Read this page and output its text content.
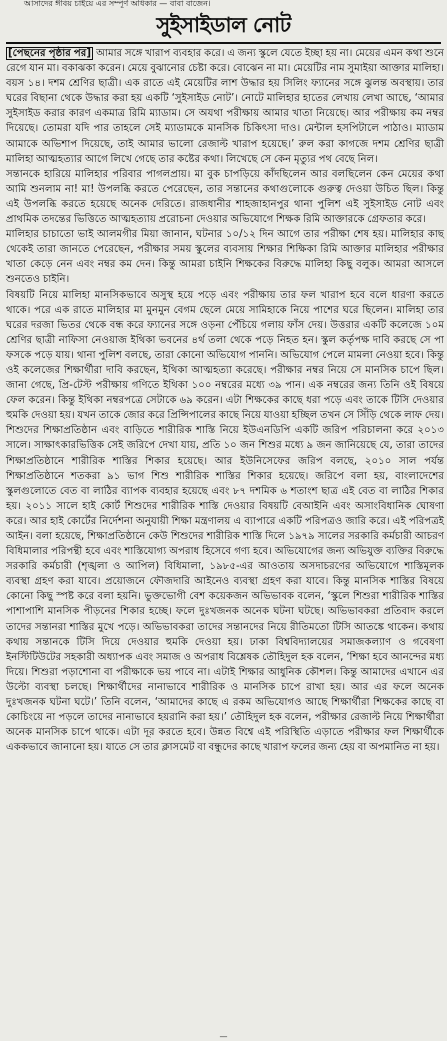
আসাদের ঈবিয় চাইয়ে এর সম্পূর্ণ অধিকার — বাবা বাজেন।
সুইসাইডাল নোট

[পেছনের পৃষ্ঠার পর] আমার সঙ্গে খারাপ ব্যবহার করে। এ জন্য স্কুলে যেতে ইচ্ছা হয় না। মেয়ের এমন কথা শুনে রেগে যান মা। বকাঝকা করেন। মেয়ে বুঝানোর চেষ্টা করে। বোঝেন না মা। মেয়েটির নাম সুমাইয়া আক্তার মালিহা। বয়স ১৪। দশম শ্রেণির ছাত্রী। এক রাতে এই মেয়েটির লাশ উদ্ধার হয় সিলিং ফ্যানের সঙ্গে ঝুলন্ত অবস্থায়। তার ঘরের বিছানা থেকে উদ্ধার করা হয় একটি ‘সুইসাইড নোট’। নোটে মালিহার হাতের লেখায় লেখা আছে, ‘আমার সুইসাইড করার কারণ একমাত্র রিমি ম্যাডাম। সে অযথা পরীক্ষায় আমার খাতা নিয়েছে। আর পরীক্ষায় কম নম্বর দিয়েছে। তোমরা যদি পার তাহলে সেই ম্যাডামকে মানসিক চিকিৎসা দাও। মেন্টাল হসপিটালে পাঠাও। ম্যাডাম আমাকে অভিশাপ দিয়েছে, তাই আমার ভালো রেজাল্ট খারাপ হয়েছে।’ রুল করা কাগজে দশম শ্রেণির ছাত্রী মালিহা আত্মহত্যার আগে লিখে গেছে তার কষ্টের কথা। লিখেছে সে কেন মৃত্যুর পথ বেছে নিল।

সন্তানকে হারিয়ে মালিহার পরিবার পাগলপ্রায়। মা বুক চাপড়িয়ে কাঁদছিলেন আর বলছিলেন কেন মেয়ের কথা আমি শুনলাম না! মা! উপলব্ধি করতে পেরেছেন, তার সন্তানের কথাগুলোকে গুরুত্ব দেওয়া উচিত ছিল। কিন্তু এই উপলব্ধি করতে হয়েছে অনেক দেরিতে। রাজধানীর শাহজাহানপুর থানা পুলিশ এই সুইসাইড নোট এবং প্রাথমিক তদন্তের ভিত্তিতে আত্মহত্যায় প্ররোচনা দেওয়ার অভিযোগে শিক্ষক রিমি আক্তারকে গ্রেফতার করে।

মালিহার চাচাতো ভাই আলমগীর মিয়া জানান, ঘটনার ১০/১২ দিন আগে তার পরীক্ষা শেষ হয়। মালিহার কাছ থেকেই তারা জানতে পেরেছেন, পরীক্ষার সময় স্কুলের ব্যবসায় শিক্ষার শিক্ষিকা রিমি আক্তার মালিহার পরীক্ষার খাতা কেড়ে নেন এবং নম্বর কম দেন। কিন্তু আমরা চাইনি শিক্ষকের বিরুদ্ধে মালিহা কিছু বলুক। আমরা আসলে শুনতেও চাইনি।

বিষয়টি নিয়ে মালিহা মানসিকভাবে অসুস্থ হয়ে পড়ে এবং পরীক্ষায় তার ফল খারাপ হবে বলে ধারণা করতে থাকে। পরে এক রাতে মালিহার মা মুনমুন বেগম ছেলে মেয়ে সামিহাকে নিয়ে পাশের ঘরে ছিলেন। মালিহা তার ঘরের দরজা ভিতর থেকে বন্ধ করে ফ্যানের সঙ্গে ওড়না পেঁচিয়ে গলায় ফাঁস দেয়। উত্তরার একটি কলেজে ১০ম শ্রেণির ছাত্রী নাফিসা নেওয়াজ ইথিকা ভবনের ৪র্থ তলা থেকে পড়ে নিহত হন। স্কুল কর্তৃপক্ষ দাবি করছে সে পা ফসকে পড়ে যায়। থানা পুলিশ বলছে, তারা কোনো অভিযোগ পাননি। অভিযোগ পেলে মামলা নেওয়া হবে। কিন্তু ওই কলেজের শিক্ষার্থীরা দাবি করছেন, ইথিকা আত্মহত্যা করেছে। পরীক্ষার নম্বর নিয়ে সে মানসিক চাপে ছিল। জানা গেছে, প্রি-টেস্ট পরীক্ষায় গণিতে ইথিকা ১০০ নম্বরের মধ্যে ৩৯ পান। এক নম্বরের জন্য তিনি ওই বিষয়ে ফেল করেন। কিন্তু ইথিকা নম্বরপত্রে সেটাকে ৬৯ করেন। এটা শিক্ষকের কাছে ধরা পড়ে এবং তাকে টিসি দেওয়ার হুমকি দেওয়া হয়। যখন তাকে জোর করে প্রিন্সিপালের কাছে নিয়ে যাওয়া হচ্ছিল তখন সে সিঁড়ি থেকে লাফ দেয়। শিশুদের শিক্ষাপ্রতিষ্ঠান এবং বাড়িতে শারীরিক শাস্তি নিয়ে ইউএনডিপি একটি জরিপ পরিচালনা করে ২০১৩ সালে। সাক্ষাৎকারভিত্তিক সেই জরিপে দেখা যায়, প্রতি ১০ জন শিশুর মধ্যে ৯ জন জানিয়েছে যে, তারা তাদের শিক্ষাপ্রতিষ্ঠানে শারীরিক শাস্তির শিকার হয়েছে। আর ইউনিসেফের জরিপ বলছে, ২০১০ সাল পর্যন্ত শিক্ষাপ্রতিষ্ঠানে শতকরা ৯১ ভাগ শিশু শারীরিক শাস্তির শিকার হয়েছে। জরিপে বলা হয়, বাংলাদেশের স্কুলগুলোতে বেত বা লাঠির ব্যাপক ব্যবহার হয়েছে এবং ৮৭ দশমিক ৬ শতাংশ ছাত্র এই বেত বা লাঠির শিকার হয়। ২০১১ সালে হাই কোর্ট শিশুদের শারীরিক শাস্তি দেওয়ার বিষয়টি বেআইনি এবং অসাংবিধানিক ঘোষণা করে। আর হাই কোর্টের নির্দেশনা অনুযায়ী শিক্ষা মন্ত্রণালয় এ ব্যাপারে একটি পরিপত্রও জারি করে। এই পরিপত্রই আইন। বলা হয়েছে, শিক্ষাপ্রতিষ্ঠানে কেউ শিশুদের শারীরিক শাস্তি দিলে ১৯৭৯ সালের সরকারি কর্মচারী আচরণ বিধিমালার পরিপন্থী হবে এবং শাস্তিযোগ্য অপরাধ হিসেবে গণ্য হবে। অভিযোগের জন্য অভিযুক্ত ব্যক্তির বিরুদ্ধে সরকারি কর্মচারী (শৃঙ্খলা ও আপিল) বিধিমালা, ১৯৮৫-এর আওতায় অসদাচরণের অভিযোগে শাস্তিমূলক ব্যবস্থা গ্রহণ করা যাবে। প্রয়োজনে ফৌজদারি আইনেও ব্যবস্থা গ্রহণ করা যাবে। কিন্তু মানসিক শাস্তির বিষয়ে কোনো কিছু স্পষ্ট করে বলা হয়নি। ভুক্তভোগী বেশ কয়েকজন অভিভাবক বলেন, ‘স্কুলে শিশুরা শারীরিক শাস্তির পাশাপাশি মানসিক পীড়নের শিকার হচ্ছে। ফলে দুঃখজনক অনেক ঘটনা ঘটছে। অভিভাবকরা প্রতিবাদ করলে তাদের সন্তানরা শাস্তির মুখে পড়ে। অভিভাবকরা তাদের সন্তানদের নিয়ে রীতিমতো টিসি আতঙ্কে থাকেন। কথায় কথায় সন্তানকে টিসি দিয়ে দেওয়ার হুমকি দেওয়া হয়। ঢাকা বিশ্ববিদ্যালয়ের সমাজকল্যাণ ও গবেষণা ইনস্টিটিউটের সহকারী অধ্যাপক এবং সমাজ ও অপরাধ বিশ্লেষক তৌহিদুল হক বলেন, ‘শিক্ষা হবে আনন্দের মধ্য দিয়ে। শিশুরা পড়াশোনা বা পরীক্ষাকে ভয় পাবে না। এটাই শিক্ষার আধুনিক কৌশল। কিন্তু আমাদের এখানে এর উল্টো ব্যবস্থা চলছে। শিক্ষার্থীদের নানাভাবে শারীরিক ও মানসিক চাপে রাখা হয়। আর এর ফলে অনেক দুঃখজনক ঘটনা ঘটে।’ তিনি বলেন, ‘আমাদের কাছে এ রকম অভিযোগও আছে শিক্ষার্থীরা শিক্ষকের কাছে বা কোচিংয়ে না পড়লে তাদের নানাভাবে হয়রানি করা হয়।’ তৌহিদুল হক বলেন, পরীক্ষার রেজাল্ট নিয়ে শিক্ষার্থীরা অনেক মানসিক চাপে থাকে। এটা দূর করতে হবে। উন্নত বিশ্বে এই পরিস্থিতি এড়াতে পরীক্ষার ফল শিক্ষার্থীকে এককভাবে জানানো হয়। যাতে সে তার ক্লাসমেট বা বন্ধুদের কাছে খারাপ ফলের জন্য হেয় বা অপমানিত না হয়।

—
